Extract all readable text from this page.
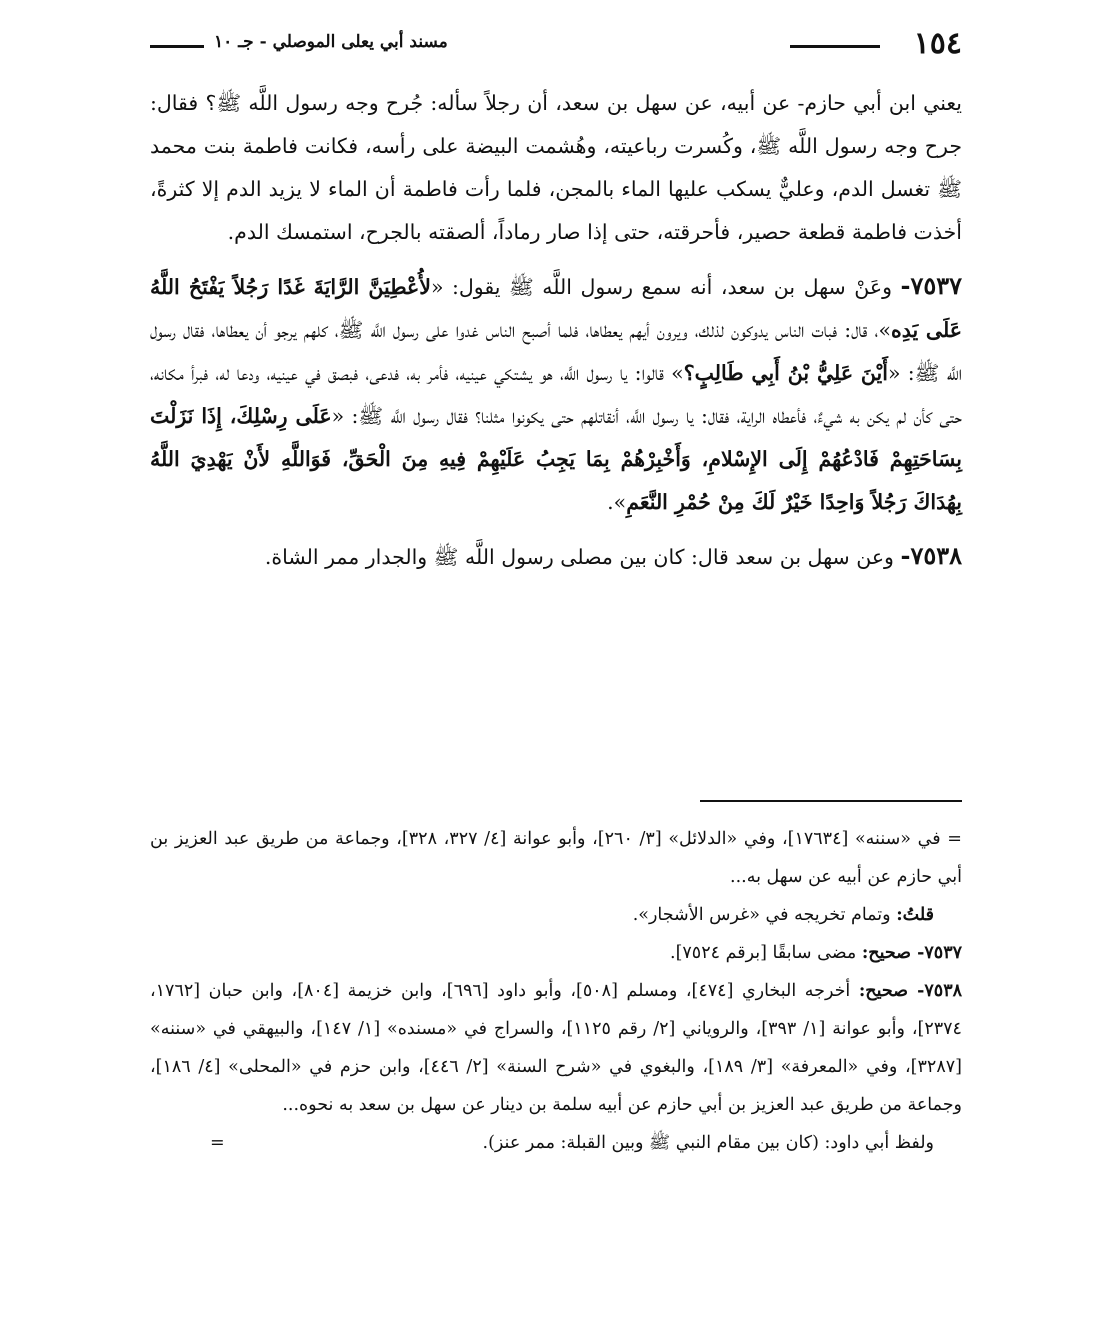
١٥٤
مسند أبي يعلى الموصلي - جـ ١٠

يعني ابن أبي حازم- عن أبيه، عن سهل بن سعد، أن رجلاً سأله: جُرح وجه رسول اللَّه ﷺ؟ فقال: جرح وجه رسول اللَّه ﷺ، وكُسرت رباعيته، وهُشمت البيضة على رأسه، فكانت فاطمة بنت محمد ﷺ تغسل الدم، وعليٌّ يسكب عليها الماء بالمجن، فلما رأت فاطمة أن الماء لا يزيد الدم إلا كثرةً، أخذت فاطمة قطعة حصير، فأحرقته، حتى إذا صار رماداً، ألصقته بالجرح، استمسك الدم.

٧٥٣٧- وعَنْ سهل بن سعد، أنه سمع رسول اللَّه ﷺ يقول: «لأُعْطِيَنَّ الرَّايَةَ غَدًا رَجُلاً يَفْتَحُ اللَّهُ عَلَى يَدِه»، قال: فبات الناس يدوكون لذلك، ويرون أيهم يعطاها، فلما أصبح الناس غدوا على رسول اللَّه ﷺ، كلهم يرجو أن يعطاها، فقال رسول اللَّه ﷺ: «أَيْنَ عَلِيُّ بْنُ أَبِي طَالِبٍ؟» قالوا: يا رسول اللَّه، هو يشتكي عينيه، فأمر به، فدعى، فبصق في عينيه، ودعا له، فبرأ مكانه، حتى كأن لم يكن به شيءٌ، فأعطاه الراية، فقال: يا رسول اللَّه، أنقاتلهم حتى يكونوا مثلنا؟ فقال رسول اللَّه ﷺ: «عَلَى رِسْلِكَ، إِذَا نَزَلْتَ بِسَاحَتِهِمْ فَادْعُهُمْ إِلَى الإِسْلامِ، وَأَخْبِرْهُمْ بِمَا يَجِبُ عَلَيْهِمْ فِيهِ مِنَ الْحَقِّ، فَوَاللَّهِ لأَنْ يَهْدِيَ اللَّهُ بِهُدَاكَ رَجُلاً وَاحِدًا خَيْرٌ لَكَ مِنْ حُمْرِ النَّعَمِ».

٧٥٣٨- وعن سهل بن سعد قال: كان بين مصلى رسول اللَّه ﷺ والجدار ممر الشاة.

= في «سننه» [١٧٦٣٤]، وفي «الدلائل» [٣/ ٢٦٠]، وأبو عوانة [٤/ ٣٢٧، ٣٢٨]، وجماعة من طريق عبد العزيز بن أبي حازم عن أبيه عن سهل به...

قلتُ: وتمام تخريجه في «غرس الأشجار».

٧٥٣٧- صحيح: مضى سابقًا [برقم ٧٥٢٤].

٧٥٣٨- صحيح: أخرجه البخاري [٤٧٤]، ومسلم [٥٠٨]، وأبو داود [٦٩٦]، وابن خزيمة [٨٠٤]، وابن حبان [١٧٦٢، ٢٣٧٤]، وأبو عوانة [١/ ٣٩٣]، والروياني [٢/ رقم ١١٢٥]، والسراج في «مسنده» [١/ ١٤٧]، والبيهقي في «سننه» [٣٢٨٧]، وفي «المعرفة» [٣/ ١٨٩]، والبغوي في «شرح السنة» [٢/ ٤٤٦]، وابن حزم في «المحلى» [٤/ ١٨٦]، وجماعة من طريق عبد العزيز بن أبي حازم عن أبيه سلمة بن دينار عن سهل بن سعد به نحوه...

ولفظ أبي داود: (كان بين مقام النبي ﷺ وبين القبلة: ممر عنز).
=
